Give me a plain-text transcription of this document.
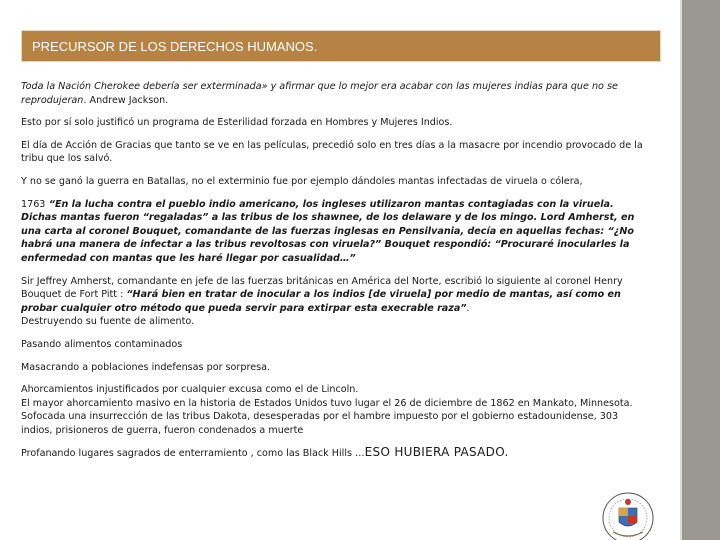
PRECURSOR DE LOS DERECHOS HUMANOS.

Toda la Nación Cherokee debería ser exterminada» y afirmar que lo mejor era acabar con las mujeres indias para que no se reprodujeran. Andrew Jackson.

Esto por sí solo justificó un programa de Esterilidad forzada en Hombres y Mujeres Indios.

El día de Acción de Gracias que tanto se ve en las películas, precedió solo en tres días a la masacre por incendio provocado de la tribu que los salvó.

Y no se ganó la guerra en Batallas, no el exterminio fue por ejemplo dándoles mantas infectadas de viruela o cólera,

1763 “En la lucha contra el pueblo indio americano, los ingleses utilizaron mantas contagiadas con la viruela. Dichas mantas fueron “regaladas” a las tribus de los shawnee, de los delaware y de los mingo. Lord Amherst, en una carta al coronel Bouquet, comandante de las fuerzas inglesas en Pensilvania, decía en aquellas fechas: “¿No habrá una manera de infectar a las tribus revoltosas con viruela?” Bouquet respondió: “Procuraré inocularles la enfermedad con mantas que les haré llegar por casualidad…”

Sir Jeffrey Amherst, comandante en jefe de las fuerzas británicas en América del Norte, escribió lo siguiente al coronel Henry Bouquet de Fort Pitt : “Hará bien en tratar de inocular a los indios [de viruela] por medio de mantas, así como en probar cualquier otro método que pueda servir para extirpar esta execrable raza”.
Destruyendo su fuente de alimento.

Pasando alimentos contaminados

Masacrando a poblaciones indefensas por sorpresa.

Ahorcamientos injustificados por cualquier excusa como el de Lincoln.
El mayor ahorcamiento masivo en la historia de Estados Unidos tuvo lugar el 26 de diciembre de 1862 en Mankato, Minnesota. Sofocada una insurrección de las tribus Dakota, desesperadas por el hambre impuesto por el gobierno estadounidense, 303 indios, prisioneros de guerra, fueron condenados a muerte

Profanando lugares sagrados de enterramiento , como las Black Hills …ESO HUBIERA PASADO.
